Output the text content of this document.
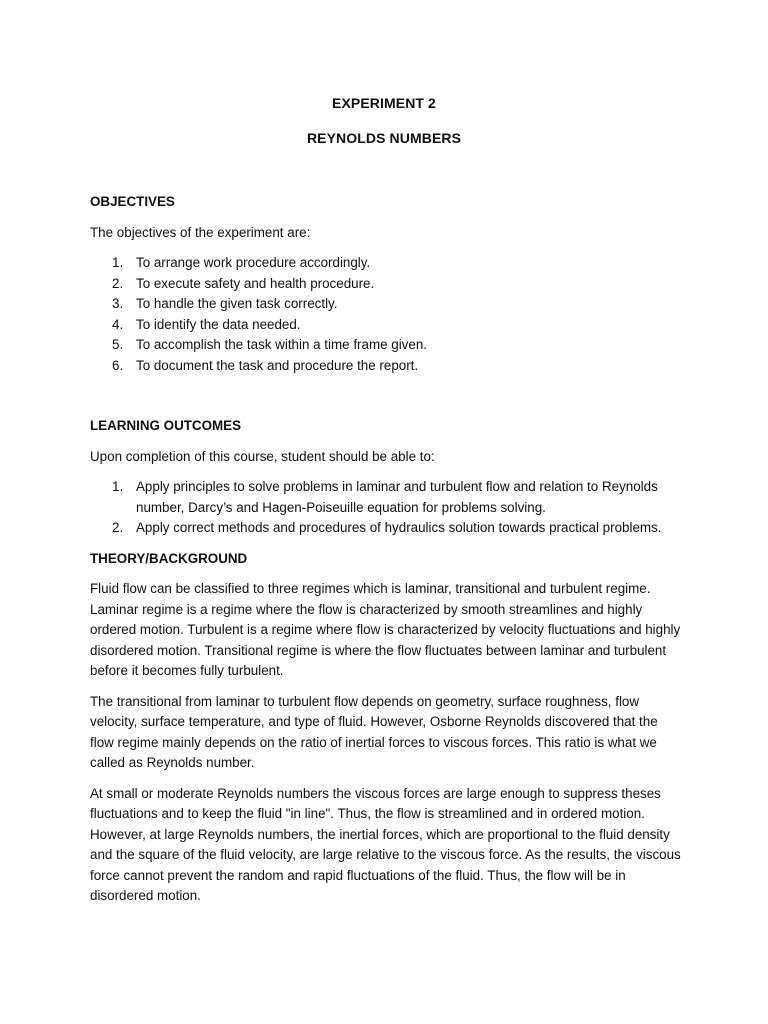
EXPERIMENT 2
REYNOLDS NUMBERS

OBJECTIVES

The objectives of the experiment are:

1. To arrange work procedure accordingly.
2. To execute safety and health procedure.
3. To handle the given task correctly.
4. To identify the data needed.
5. To accomplish the task within a time frame given.
6. To document the task and procedure the report.

LEARNING OUTCOMES

Upon completion of this course, student should be able to:

1. Apply principles to solve problems in laminar and turbulent flow and relation to Reynolds number, Darcy’s and Hagen-Poiseuille equation for problems solving.
2. Apply correct methods and procedures of hydraulics solution towards practical problems.

THEORY/BACKGROUND

Fluid flow can be classified to three regimes which is laminar, transitional and turbulent regime. Laminar regime is a regime where the flow is characterized by smooth streamlines and highly ordered motion. Turbulent is a regime where flow is characterized by velocity fluctuations and highly disordered motion. Transitional regime is where the flow fluctuates between laminar and turbulent before it becomes fully turbulent.

The transitional from laminar to turbulent flow depends on geometry, surface roughness, flow velocity, surface temperature, and type of fluid. However, Osborne Reynolds discovered that the flow regime mainly depends on the ratio of inertial forces to viscous forces. This ratio is what we called as Reynolds number.

At small or moderate Reynolds numbers the viscous forces are large enough to suppress theses fluctuations and to keep the fluid "in line". Thus, the flow is streamlined and in ordered motion. However, at large Reynolds numbers, the inertial forces, which are proportional to the fluid density and the square of the fluid velocity, are large relative to the viscous force. As the results, the viscous force cannot prevent the random and rapid fluctuations of the fluid. Thus, the flow will be in disordered motion.
